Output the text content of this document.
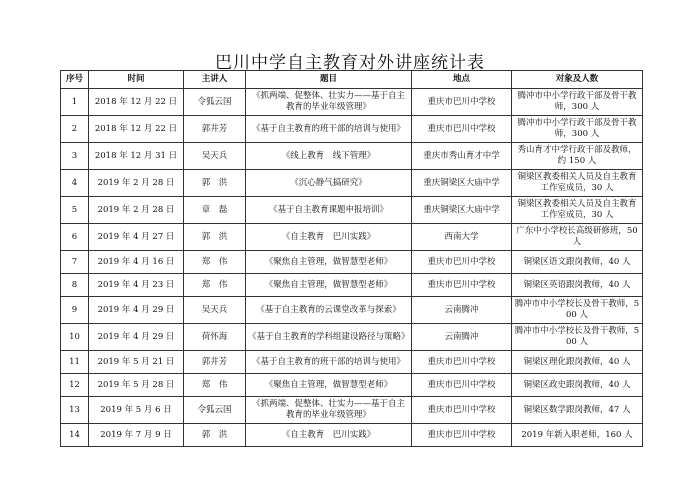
巴川中学自主教育对外讲座统计表
序号	时间	主讲人	题目	地点	对象及人数
1	2018 年 12 月 22 日	令狐云国	《抓两端、促整体、壮实力——基于自主教育的毕业年级管理》	重庆市巴川中学校	腾冲市中小学行政干部及骨干教师，300 人
2	2018 年 12 月 22 日	郭井芳	《基于自主教育的班干部的培训与使用》	重庆市巴川中学校	腾冲市中小学行政干部及骨干教师，300 人
3	2018 年 12 月 31 日	吴天兵	《线上教育　线下管理》	重庆市秀山育才中学	秀山育才中学行政干部及教师，约 150 人
4	2019 年 2 月 28 日	郭　洪	《沉心静气搞研究》	重庆铜梁区大庙中学	铜梁区教委相关人员及自主教育工作室成员，30 人
5	2019 年 2 月 28 日	章　磊	《基于自主教育课题申报培训》	重庆铜梁区大庙中学	铜梁区教委相关人员及自主教育工作室成员，30 人
6	2019 年 4 月 27 日	郭　洪	《自主教育　巴川实践》	西南大学	广东中小学校长高级研修班，50 人
7	2019 年 4 月 16 日	郑　伟	《聚焦自主管理，做智慧型老师》	重庆市巴川中学校	铜梁区语文跟岗教师，40 人
8	2019 年 4 月 23 日	郑　伟	《聚焦自主管理，做智慧型老师》	重庆市巴川中学校	铜梁区英语跟岗教师，40 人
9	2019 年 4 月 29 日	吴天兵	《基于自主教育的云课堂改革与探索》	云南腾冲	腾冲市中小学校长及骨干教师，500 人
10	2019 年 4 月 29 日	荷怀海	《基于自主教育的学科组建设路径与策略》	云南腾冲	腾冲市中小学校长及骨干教师，500 人
11	2019 年 5 月 21 日	郭井芳	《基于自主教育的班干部的培训与使用》	重庆市巴川中学校	铜梁区理化跟岗教师，40 人
12	2019 年 5 月 28 日	郑　伟	《聚焦自主管理，做智慧型老师》	重庆市巴川中学校	铜梁区政史跟岗教师，40 人
13	2019 年 5 月 6 日	令狐云国	《抓两端、促整体、壮实力——基于自主教育的毕业年级管理》	重庆市巴川中学校	铜梁区数学跟岗教师，47 人
14	2019 年 7 月 9 日	郭　洪	《自主教育　巴川实践》	重庆市巴川中学校	2019 年新入职老师，160 人
